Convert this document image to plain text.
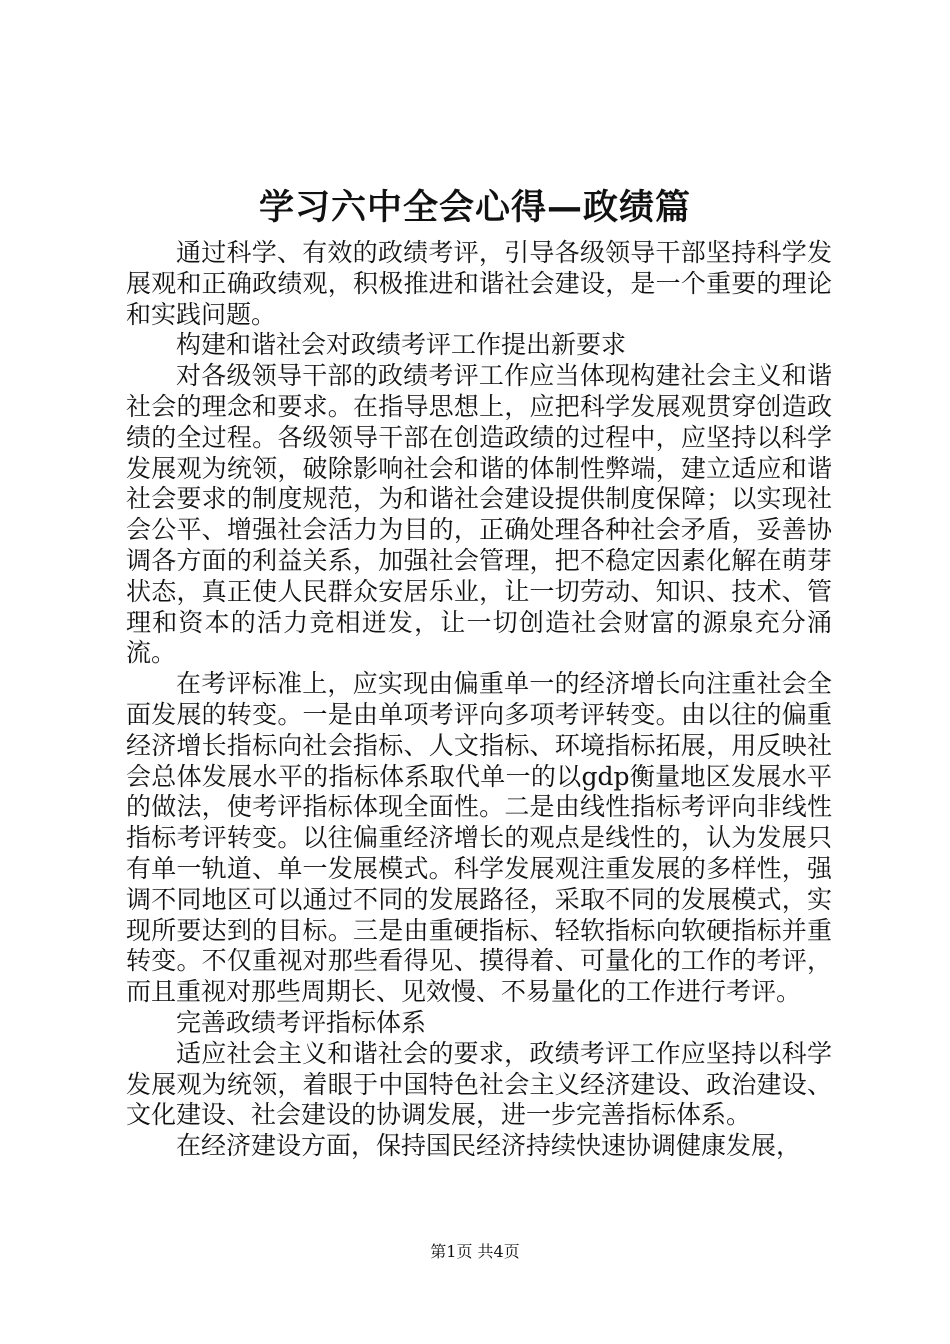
学习六中全会心得—政绩篇

通过科学、有效的政绩考评，引导各级领导干部坚持科学发展观和正确政绩观，积极推进和谐社会建设，是一个重要的理论和实践问题。

构建和谐社会对政绩考评工作提出新要求

对各级领导干部的政绩考评工作应当体现构建社会主义和谐社会的理念和要求。在指导思想上，应把科学发展观贯穿创造政绩的全过程。各级领导干部在创造政绩的过程中，应坚持以科学发展观为统领，破除影响社会和谐的体制性弊端，建立适应和谐社会要求的制度规范，为和谐社会建设提供制度保障；以实现社会公平、增强社会活力为目的，正确处理各种社会矛盾，妥善协调各方面的利益关系，加强社会管理，把不稳定因素化解在萌芽状态，真正使人民群众安居乐业，让一切劳动、知识、技术、管理和资本的活力竞相迸发，让一切创造社会财富的源泉充分涌流。

在考评标准上，应实现由偏重单一的经济增长向注重社会全面发展的转变。一是由单项考评向多项考评转变。由以往的偏重经济增长指标向社会指标、人文指标、环境指标拓展，用反映社会总体发展水平的指标体系取代单一的以gdp衡量地区发展水平的做法，使考评指标体现全面性。二是由线性指标考评向非线性指标考评转变。以往偏重经济增长的观点是线性的，认为发展只有单一轨道、单一发展模式。科学发展观注重发展的多样性，强调不同地区可以通过不同的发展路径，采取不同的发展模式，实现所要达到的目标。三是由重硬指标、轻软指标向软硬指标并重转变。不仅重视对那些看得见、摸得着、可量化的工作的考评，而且重视对那些周期长、见效慢、不易量化的工作进行考评。

完善政绩考评指标体系

适应社会主义和谐社会的要求，政绩考评工作应坚持以科学发展观为统领，着眼于中国特色社会主义经济建设、政治建设、文化建设、社会建设的协调发展，进一步完善指标体系。

在经济建设方面，保持国民经济持续快速协调健康发展，

第1页 共4页
